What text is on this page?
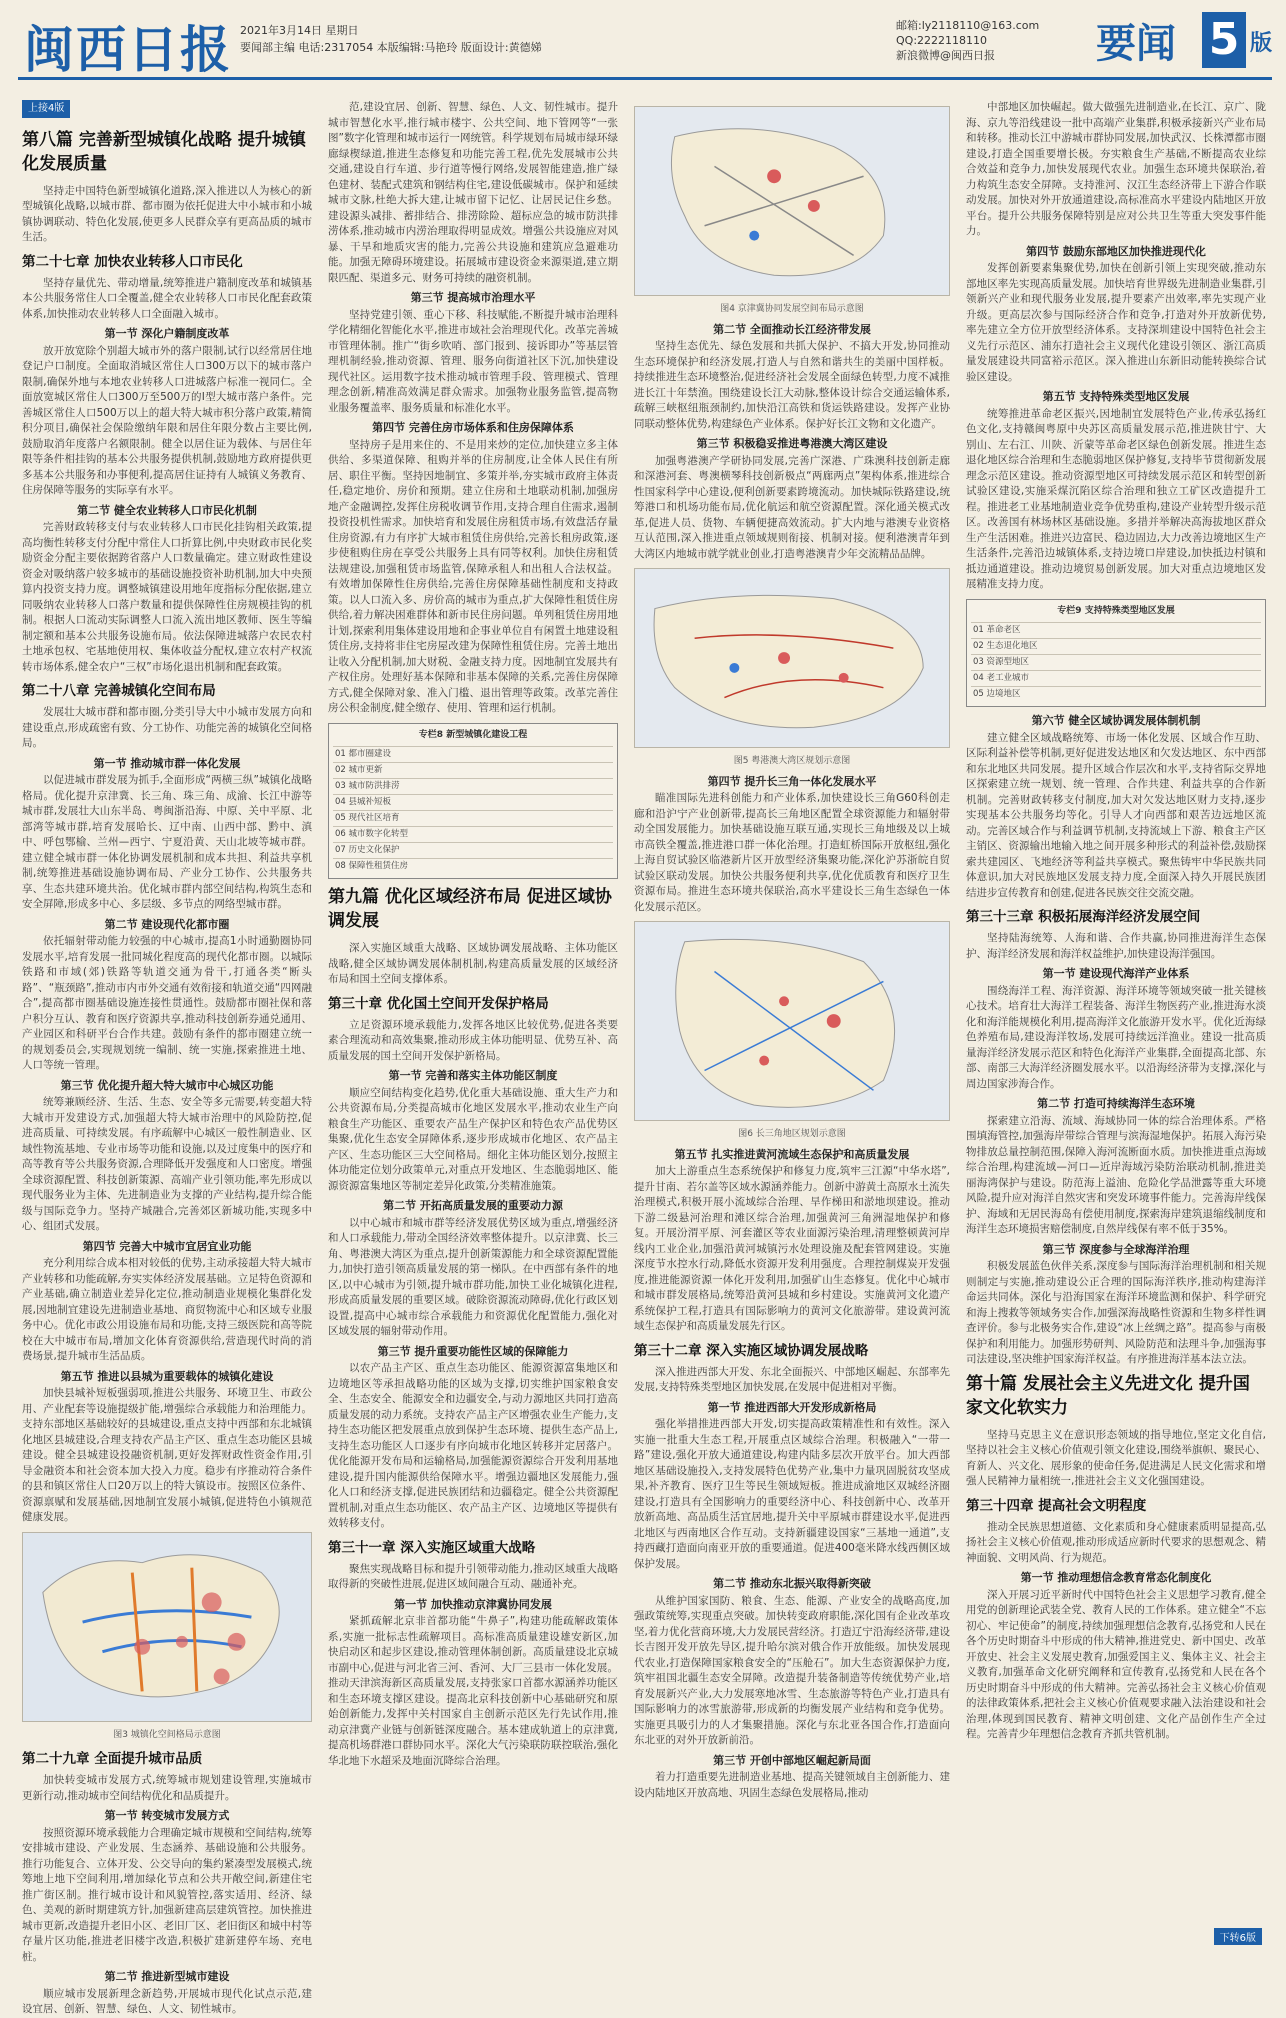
闽西日报 2021年3月14日 星期日
要闻部主编 电话:2317054 本版编辑:马艳玲 版面设计:黄德娣
邮箱:ly2118110@163.com
QQ:2222118110
新浪微博@闽西日报	要闻 5 版
上接4版
第八篇 完善新型城镇化战略 提升城镇化发展质量

坚持走中国特色新型城镇化道路,深入推进以人为核心的新型城镇化战略,以城市群、都市圈为依托促进大中小城市和小城镇协调联动、特色化发展,使更多人民群众享有更高品质的城市生活。

第二十七章 加快农业转移人口市民化

坚持存量优先、带动增量,统筹推进户籍制度改革和城镇基本公共服务常住人口全覆盖,健全农业转移人口市民化配套政策体系,加快推动农业转移人口全面融入城市。

第一节 深化户籍制度改革

放开放宽除个别超大城市外的落户限制,试行以经常居住地登记户口制度。全面取消城区常住人口300万以下的城市落户限制,确保外地与本地农业转移人口进城落户标准一视同仁。全面放宽城区常住人口300万至500万的I型大城市落户条件。完善城区常住人口500万以上的超大特大城市积分落户政策,精简积分项目,确保社会保险缴纳年限和居住年限分数占主要比例,鼓励取消年度落户名额限制。健全以居住证为载体、与居住年限等条件相挂钩的基本公共服务提供机制,鼓励地方政府提供更多基本公共服务和办事便利,提高居住证持有人城镇义务教育、住房保障等服务的实际享有水平。

第二节 健全农业转移人口市民化机制

完善财政转移支付与农业转移人口市民化挂钩相关政策,提高均衡性转移支付分配中常住人口折算比例,中央财政市民化奖励资金分配主要依据跨省落户人口数量确定。建立财政性建设资金对吸纳落户较多城市的基础设施投资补助机制,加大中央预算内投资支持力度。调整城镇建设用地年度指标分配依据,建立同吸纳农业转移人口落户数量和提供保障性住房规模挂钩的机制。根据人口流动实际调整人口流入流出地区教师、医生等编制定额和基本公共服务设施布局。依法保障进城落户农民农村土地承包权、宅基地使用权、集体收益分配权,建立农村产权流转市场体系,健全农户“三权”市场化退出机制和配套政策。

第二十八章 完善城镇化空间布局

发展壮大城市群和都市圈,分类引导大中小城市发展方向和建设重点,形成疏密有致、分工协作、功能完善的城镇化空间格局。

第一节 推动城市群一体化发展

以促进城市群发展为抓手,全面形成“两横三纵”城镇化战略格局。优化提升京津冀、长三角、珠三角、成渝、长江中游等城市群,发展壮大山东半岛、粤闽浙沿海、中原、关中平原、北部湾等城市群,培育发展哈长、辽中南、山西中部、黔中、滇中、呼包鄂榆、兰州—西宁、宁夏沿黄、天山北坡等城市群。建立健全城市群一体化协调发展机制和成本共担、利益共享机制,统筹推进基础设施协调布局、产业分工协作、公共服务共享、生态共建环境共治。优化城市群内部空间结构,构筑生态和安全屏障,形成多中心、多层级、多节点的网络型城市群。

第二节 建设现代化都市圈

依托辐射带动能力较强的中心城市,提高1小时通勤圈协同发展水平,培育发展一批同城化程度高的现代化都市圈。以城际铁路和市域(郊)铁路等轨道交通为骨干,打通各类“断头路”、“瓶颈路”,推动市内市外交通有效衔接和轨道交通“四网融合”,提高都市圈基础设施连接性贯通性。鼓励都市圈社保和落户积分互认、教育和医疗资源共享,推动科技创新券通兑通用、产业园区和科研平台合作共建。鼓励有条件的都市圈建立统一的规划委员会,实现规划统一编制、统一实施,探索推进土地、人口等统一管理。

第三节 优化提升超大特大城市中心城区功能

统筹兼顾经济、生活、生态、安全等多元需要,转变超大特大城市开发建设方式,加强超大特大城市治理中的风险防控,促进高质量、可持续发展。有序疏解中心城区一般性制造业、区域性物流基地、专业市场等功能和设施,以及过度集中的医疗和高等教育等公共服务资源,合理降低开发强度和人口密度。增强全球资源配置、科技创新策源、高端产业引领功能,率先形成以现代服务业为主体、先进制造业为支撑的产业结构,提升综合能级与国际竞争力。坚持产城融合,完善郊区新城功能,实现多中心、组团式发展。

第四节 完善大中城市宜居宜业功能

充分利用综合成本相对较低的优势,主动承接超大特大城市产业转移和功能疏解,夯实实体经济发展基础。立足特色资源和产业基础,确立制造业差异化定位,推动制造业规模化集群化发展,因地制宜建设先进制造业基地、商贸物流中心和区域专业服务中心。优化市政公用设施布局和功能,支持三级医院和高等院校在大中城市布局,增加文化体育资源供给,营造现代时尚的消费场景,提升城市生活品质。

第五节 推进以县城为重要载体的城镇化建设

加快县城补短板强弱项,推进公共服务、环境卫生、市政公用、产业配套等设施提级扩能,增强综合承载能力和治理能力。支持东部地区基础较好的县城建设,重点支持中西部和东北城镇化地区县城建设,合理支持农产品主产区、重点生态功能区县城建设。健全县城建设投融资机制,更好发挥财政性资金作用,引导金融资本和社会资本加大投入力度。稳步有序推动符合条件的县和镇区常住人口20万以上的特大镇设市。按照区位条件、资源禀赋和发展基础,因地制宜发展小城镇,促进特色小镇规范健康发展。

图3 城镇化空间格局示意图
第二十九章 全面提升城市品质

加快转变城市发展方式,统筹城市规划建设管理,实施城市更新行动,推动城市空间结构优化和品质提升。

第一节 转变城市发展方式

按照资源环境承载能力合理确定城市规模和空间结构,统筹安排城市建设、产业发展、生态涵养、基础设施和公共服务。推行功能复合、立体开发、公交导向的集约紧凑型发展模式,统筹地上地下空间利用,增加绿化节点和公共开敞空间,新建住宅推广街区制。推行城市设计和风貌管控,落实适用、经济、绿色、美观的新时期建筑方针,加强新建高层建筑管控。加快推进城市更新,改造提升老旧小区、老旧厂区、老旧街区和城中村等存量片区功能,推进老旧楼宇改造,积极扩建新建停车场、充电桩。

第二节 推进新型城市建设

顺应城市发展新理念新趋势,开展城市现代化试点示范,建设宜居、创新、智慧、绿色、人文、韧性城市。

范,建设宜居、创新、智慧、绿色、人文、韧性城市。提升城市智慧化水平,推行城市楼宇、公共空间、地下管网等“一张图”数字化管理和城市运行一网统管。科学规划布局城市绿环绿廊绿楔绿道,推进生态修复和功能完善工程,优先发展城市公共交通,建设自行车道、步行道等慢行网络,发展智能建造,推广绿色建材、装配式建筑和钢结构住宅,建设低碳城市。保护和延续城市文脉,杜绝大拆大建,让城市留下记忆、让居民记住乡愁。建设源头减排、蓄排结合、排涝除险、超标应急的城市防洪排涝体系,推动城市内涝治理取得明显成效。增强公共设施应对风暴、干旱和地质灾害的能力,完善公共设施和建筑应急避难功能。加强无障碍环境建设。拓展城市建设资金来源渠道,建立期限匹配、渠道多元、财务可持续的融资机制。

第三节 提高城市治理水平

坚持党建引领、重心下移、科技赋能,不断提升城市治理科学化精细化智能化水平,推进市域社会治理现代化。改革完善城市管理体制。推广“街乡吹哨、部门报到、接诉即办”等基层管理机制经验,推动资源、管理、服务向街道社区下沉,加快建设现代社区。运用数字技术推动城市管理手段、管理模式、管理理念创新,精准高效满足群众需求。加强物业服务监管,提高物业服务覆盖率、服务质量和标准化水平。

第四节 完善住房市场体系和住房保障体系

坚持房子是用来住的、不是用来炒的定位,加快建立多主体供给、多渠道保障、租购并举的住房制度,让全体人民住有所居、职住平衡。坚持因地制宜、多策并举,夯实城市政府主体责任,稳定地价、房价和预期。建立住房和土地联动机制,加强房地产金融调控,发挥住房税收调节作用,支持合理自住需求,遏制投资投机性需求。加快培育和发展住房租赁市场,有效盘活存量住房资源,有力有序扩大城市租赁住房供给,完善长租房政策,逐步使租购住房在享受公共服务上具有同等权利。加快住房租赁法规建设,加强租赁市场监管,保障承租人和出租人合法权益。有效增加保障性住房供给,完善住房保障基础性制度和支持政策。以人口流入多、房价高的城市为重点,扩大保障性租赁住房供给,着力解决困难群体和新市民住房问题。单列租赁住房用地计划,探索利用集体建设用地和企事业单位自有闲置土地建设租赁住房,支持将非住宅房屋改建为保障性租赁住房。完善土地出让收入分配机制,加大财税、金融支持力度。因地制宜发展共有产权住房。处理好基本保障和非基本保障的关系,完善住房保障方式,健全保障对象、准入门槛、退出管理等政策。改革完善住房公积金制度,健全缴存、使用、管理和运行机制。

专栏8 新型城镇化建设工程
01 都市圈建设
02 城市更新
03 城市防洪排涝
04 县城补短板
05 现代社区培育
06 城市数字化转型
07 历史文化保护
08 保障性租赁住房
第九篇 优化区域经济布局 促进区域协调发展

深入实施区域重大战略、区域协调发展战略、主体功能区战略,健全区域协调发展体制机制,构建高质量发展的区域经济布局和国土空间支撑体系。

第三十章 优化国土空间开发保护格局

立足资源环境承载能力,发挥各地区比较优势,促进各类要素合理流动和高效集聚,推动形成主体功能明显、优势互补、高质量发展的国土空间开发保护新格局。

第一节 完善和落实主体功能区制度

顺应空间结构变化趋势,优化重大基础设施、重大生产力和公共资源布局,分类提高城市化地区发展水平,推动农业生产向粮食生产功能区、重要农产品生产保护区和特色农产品优势区集聚,优化生态安全屏障体系,逐步形成城市化地区、农产品主产区、生态功能区三大空间格局。细化主体功能区划分,按照主体功能定位划分政策单元,对重点开发地区、生态脆弱地区、能源资源富集地区等制定差异化政策,分类精准施策。

第二节 开拓高质量发展的重要动力源

以中心城市和城市群等经济发展优势区域为重点,增强经济和人口承载能力,带动全国经济效率整体提升。以京津冀、长三角、粤港澳大湾区为重点,提升创新策源能力和全球资源配置能力,加快打造引领高质量发展的第一梯队。在中西部有条件的地区,以中心城市为引领,提升城市群功能,加快工业化城镇化进程,形成高质量发展的重要区域。破除资源流动障碍,优化行政区划设置,提高中心城市综合承载能力和资源优化配置能力,强化对区域发展的辐射带动作用。

第三节 提升重要功能性区域的保障能力

以农产品主产区、重点生态功能区、能源资源富集地区和边境地区等承担战略功能的区域为支撑,切实维护国家粮食安全、生态安全、能源安全和边疆安全,与动力源地区共同打造高质量发展的动力系统。支持农产品主产区增强农业生产能力,支持生态功能区把发展重点放到保护生态环境、提供生态产品上,支持生态功能区人口逐步有序向城市化地区转移并定居落户。优化能源开发布局和运输格局,加强能源资源综合开发利用基地建设,提升国内能源供给保障水平。增强边疆地区发展能力,强化人口和经济支撑,促进民族团结和边疆稳定。健全公共资源配置机制,对重点生态功能区、农产品主产区、边境地区等提供有效转移支付。

第三十一章 深入实施区域重大战略

聚焦实现战略目标和提升引领带动能力,推动区域重大战略取得新的突破性进展,促进区域间融合互动、融通补充。

第一节 加快推动京津冀协同发展

紧抓疏解北京非首都功能“牛鼻子”,构建功能疏解政策体系,实施一批标志性疏解项目。高标准高质量建设雄安新区,加快启动区和起步区建设,推动管理体制创新。高质量建设北京城市副中心,促进与河北省三河、香河、大厂三县市一体化发展。推动天津滨海新区高质量发展,支持张家口首都水源涵养功能区和生态环境支撑区建设。提高北京科技创新中心基础研究和原始创新能力,发挥中关村国家自主创新示范区先行先试作用,推动京津冀产业链与创新链深度融合。基本建成轨道上的京津冀,提高机场群港口群协同水平。深化大气污染联防联控联治,强化华北地下水超采及地面沉降综合治理。

图4 京津冀协同发展空间布局示意图
第二节 全面推动长江经济带发展

坚持生态优先、绿色发展和共抓大保护、不搞大开发,协同推动生态环境保护和经济发展,打造人与自然和谐共生的美丽中国样板。持续推进生态环境整治,促进经济社会发展全面绿色转型,力度不减推进长江十年禁渔。围绕建设长江大动脉,整体设计综合交通运输体系,疏解三峡枢纽瓶颈制约,加快沿江高铁和货运铁路建设。发挥产业协同联动整体优势,构建绿色产业体系。保护好长江文物和文化遗产。

第三节 积极稳妥推进粤港澳大湾区建设

加强粤港澳产学研协同发展,完善广深港、广珠澳科技创新走廊和深港河套、粤澳横琴科技创新极点“两廊两点”架构体系,推进综合性国家科学中心建设,便利创新要素跨境流动。加快城际铁路建设,统筹港口和机场功能布局,优化航运和航空资源配置。深化通关模式改革,促进人员、货物、车辆便捷高效流动。扩大内地与港澳专业资格互认范围,深入推进重点领域规则衔接、机制对接。便利港澳青年到大湾区内地城市就学就业创业,打造粤港澳青少年交流精品品牌。

图5 粤港澳大湾区规划示意图
第四节 提升长三角一体化发展水平

瞄准国际先进科创能力和产业体系,加快建设长三角G60科创走廊和沿沪宁产业创新带,提高长三角地区配置全球资源能力和辐射带动全国发展能力。加快基础设施互联互通,实现长三角地级及以上城市高铁全覆盖,推进港口群一体化治理。打造虹桥国际开放枢纽,强化上海自贸试验区临港新片区开放型经济集聚功能,深化沪苏浙皖自贸试验区联动发展。加快公共服务便利共享,优化优质教育和医疗卫生资源布局。推进生态环境共保联治,高水平建设长三角生态绿色一体化发展示范区。

图6 长三角地区规划示意图
第五节 扎实推进黄河流域生态保护和高质量发展

加大上游重点生态系统保护和修复力度,筑牢三江源“中华水塔”,提升甘南、若尔盖等区域水源涵养能力。创新中游黄土高原水土流失治理模式,积极开展小流域综合治理、旱作梯田和淤地坝建设。推动下游二级悬河治理和滩区综合治理,加强黄河三角洲湿地保护和修复。开展汾渭平原、河套灌区等农业面源污染治理,清理整顿黄河岸线内工业企业,加强沿黄河城镇污水处理设施及配套管网建设。实施深度节水控水行动,降低水资源开发利用强度。合理控制煤炭开发强度,推进能源资源一体化开发利用,加强矿山生态修复。优化中心城市和城市群发展格局,统筹沿黄河县城和乡村建设。实施黄河文化遗产系统保护工程,打造具有国际影响力的黄河文化旅游带。建设黄河流域生态保护和高质量发展先行区。

第三十二章 深入实施区域协调发展战略

深入推进西部大开发、东北全面振兴、中部地区崛起、东部率先发展,支持特殊类型地区加快发展,在发展中促进相对平衡。

第一节 推进西部大开发形成新格局

强化举措推进西部大开发,切实提高政策精准性和有效性。深入实施一批重大生态工程,开展重点区域综合治理。积极融入“一带一路”建设,强化开放大通道建设,构建内陆多层次开放平台。加大西部地区基础设施投入,支持发展特色优势产业,集中力量巩固脱贫攻坚成果,补齐教育、医疗卫生等民生领域短板。推进成渝地区双城经济圈建设,打造具有全国影响力的重要经济中心、科技创新中心、改革开放新高地、高品质生活宜居地,提升关中平原城市群建设水平,促进西北地区与西南地区合作互动。支持新疆建设国家“三基地一通道”,支持西藏打造面向南亚开放的重要通道。促进400毫米降水线西侧区域保护发展。

第二节 推动东北振兴取得新突破

从维护国家国防、粮食、生态、能源、产业安全的战略高度,加强政策统筹,实现重点突破。加快转变政府职能,深化国有企业改革攻坚,着力优化营商环境,大力发展民营经济。打造辽宁沿海经济带,建设长吉图开发开放先导区,提升哈尔滨对俄合作开放能级。加快发展现代农业,打造保障国家粮食安全的“压舱石”。加大生态资源保护力度,筑牢祖国北疆生态安全屏障。改造提升装备制造等传统优势产业,培育发展新兴产业,大力发展寒地冰雪、生态旅游等特色产业,打造具有国际影响力的冰雪旅游带,形成新的均衡发展产业结构和竞争优势。实施更具吸引力的人才集聚措施。深化与东北亚各国合作,打造面向东北亚的对外开放新前沿。

第三节 开创中部地区崛起新局面

着力打造重要先进制造业基地、提高关键领域自主创新能力、建设内陆地区开放高地、巩固生态绿色发展格局,推动

中部地区加快崛起。做大做强先进制造业,在长江、京广、陇海、京九等沿线建设一批中高端产业集群,积极承接新兴产业布局和转移。推动长江中游城市群协同发展,加快武汉、长株潭都市圈建设,打造全国重要增长极。夯实粮食生产基础,不断提高农业综合效益和竞争力,加快发展现代农业。加强生态环境共保联治,着力构筑生态安全屏障。支持淮河、汉江生态经济带上下游合作联动发展。加快对外开放通道建设,高标准高水平建设内陆地区开放平台。提升公共服务保障特别是应对公共卫生等重大突发事件能力。

第四节 鼓励东部地区加快推进现代化

发挥创新要素集聚优势,加快在创新引领上实现突破,推动东部地区率先实现高质量发展。加快培育世界级先进制造业集群,引领新兴产业和现代服务业发展,提升要素产出效率,率先实现产业升级。更高层次参与国际经济合作和竞争,打造对外开放新优势,率先建立全方位开放型经济体系。支持深圳建设中国特色社会主义先行示范区、浦东打造社会主义现代化建设引领区、浙江高质量发展建设共同富裕示范区。深入推进山东新旧动能转换综合试验区建设。

第五节 支持特殊类型地区发展

统筹推进革命老区振兴,因地制宜发展特色产业,传承弘扬红色文化,支持赣闽粤原中央苏区高质量发展示范,推进陕甘宁、大别山、左右江、川陕、沂蒙等革命老区绿色创新发展。推进生态退化地区综合治理和生态脆弱地区保护修复,支持毕节贯彻新发展理念示范区建设。推动资源型地区可持续发展示范区和转型创新试验区建设,实施采煤沉陷区综合治理和独立工矿区改造提升工程。推进老工业基地制造业竞争优势重构,建设产业转型升级示范区。改善国有林场林区基础设施。多措并举解决高海拔地区群众生产生活困难。推进兴边富民、稳边固边,大力改善边境地区生产生活条件,完善沿边城镇体系,支持边境口岸建设,加快抵边村镇和抵边通道建设。推动边境贸易创新发展。加大对重点边境地区发展精准支持力度。

专栏9 支持特殊类型地区发展
01 革命老区
02 生态退化地区
03 资源型地区
04 老工业城市
05 边境地区
第六节 健全区域协调发展体制机制

建立健全区域战略统筹、市场一体化发展、区域合作互助、区际利益补偿等机制,更好促进发达地区和欠发达地区、东中西部和东北地区共同发展。提升区域合作层次和水平,支持省际交界地区探索建立统一规划、统一管理、合作共建、利益共享的合作新机制。完善财政转移支付制度,加大对欠发达地区财力支持,逐步实现基本公共服务均等化。引导人才向西部和艰苦边远地区流动。完善区域合作与利益调节机制,支持流域上下游、粮食主产区主销区、资源输出地输入地之间开展多种形式的利益补偿,鼓励探索共建园区、飞地经济等利益共享模式。聚焦铸牢中华民族共同体意识,加大对民族地区发展支持力度,全面深入持久开展民族团结进步宣传教育和创建,促进各民族交往交流交融。

第三十三章 积极拓展海洋经济发展空间

坚持陆海统筹、人海和谐、合作共赢,协同推进海洋生态保护、海洋经济发展和海洋权益维护,加快建设海洋强国。

第一节 建设现代海洋产业体系

围绕海洋工程、海洋资源、海洋环境等领域突破一批关键核心技术。培育壮大海洋工程装备、海洋生物医药产业,推进海水淡化和海洋能规模化利用,提高海洋文化旅游开发水平。优化近海绿色养殖布局,建设海洋牧场,发展可持续远洋渔业。建设一批高质量海洋经济发展示范区和特色化海洋产业集群,全面提高北部、东部、南部三大海洋经济圈发展水平。以沿海经济带为支撑,深化与周边国家涉海合作。

第二节 打造可持续海洋生态环境

探索建立沿海、流域、海域协同一体的综合治理体系。严格围填海管控,加强海岸带综合管理与滨海湿地保护。拓展入海污染物排放总量控制范围,保障入海河流断面水质。加快推进重点海域综合治理,构建流域—河口—近岸海域污染防治联动机制,推进美丽海湾保护与建设。防范海上溢油、危险化学品泄露等重大环境风险,提升应对海洋自然灾害和突发环境事件能力。完善海岸线保护、海域和无居民海岛有偿使用制度,探索海岸建筑退缩线制度和海洋生态环境损害赔偿制度,自然岸线保有率不低于35%。

第三节 深度参与全球海洋治理

积极发展蓝色伙伴关系,深度参与国际海洋治理机制和相关规则制定与实施,推动建设公正合理的国际海洋秩序,推动构建海洋命运共同体。深化与沿海国家在海洋环境监测和保护、科学研究和海上搜救等领域务实合作,加强深海战略性资源和生物多样性调查评价。参与北极务实合作,建设“冰上丝绸之路”。提高参与南极保护和利用能力。加强形势研判、风险防范和法理斗争,加强海事司法建设,坚决维护国家海洋权益。有序推进海洋基本法立法。

第十篇 发展社会主义先进文化 提升国家文化软实力

坚持马克思主义在意识形态领域的指导地位,坚定文化自信,坚持以社会主义核心价值观引领文化建设,围绕举旗帜、聚民心、育新人、兴文化、展形象的使命任务,促进满足人民文化需求和增强人民精神力量相统一,推进社会主义文化强国建设。

第三十四章 提高社会文明程度

推动全民族思想道德、文化素质和身心健康素质明显提高,弘扬社会主义核心价值观,推动形成适应新时代要求的思想观念、精神面貌、文明风尚、行为规范。

第一节 推动理想信念教育常态化制度化

深入开展习近平新时代中国特色社会主义思想学习教育,健全用党的创新理论武装全党、教育人民的工作体系。建立健全“不忘初心、牢记使命”的制度,持续加强理想信念教育,弘扬党和人民在各个历史时期奋斗中形成的伟大精神,推进党史、新中国史、改革开放史、社会主义发展史教育,加强爱国主义、集体主义、社会主义教育,加强革命文化研究阐释和宣传教育,弘扬党和人民在各个历史时期奋斗中形成的伟大精神。完善弘扬社会主义核心价值观的法律政策体系,把社会主义核心价值观要求融入法治建设和社会治理,体现到国民教育、精神文明创建、文化产品创作生产全过程。完善青少年理想信念教育齐抓共管机制。

下转6版
